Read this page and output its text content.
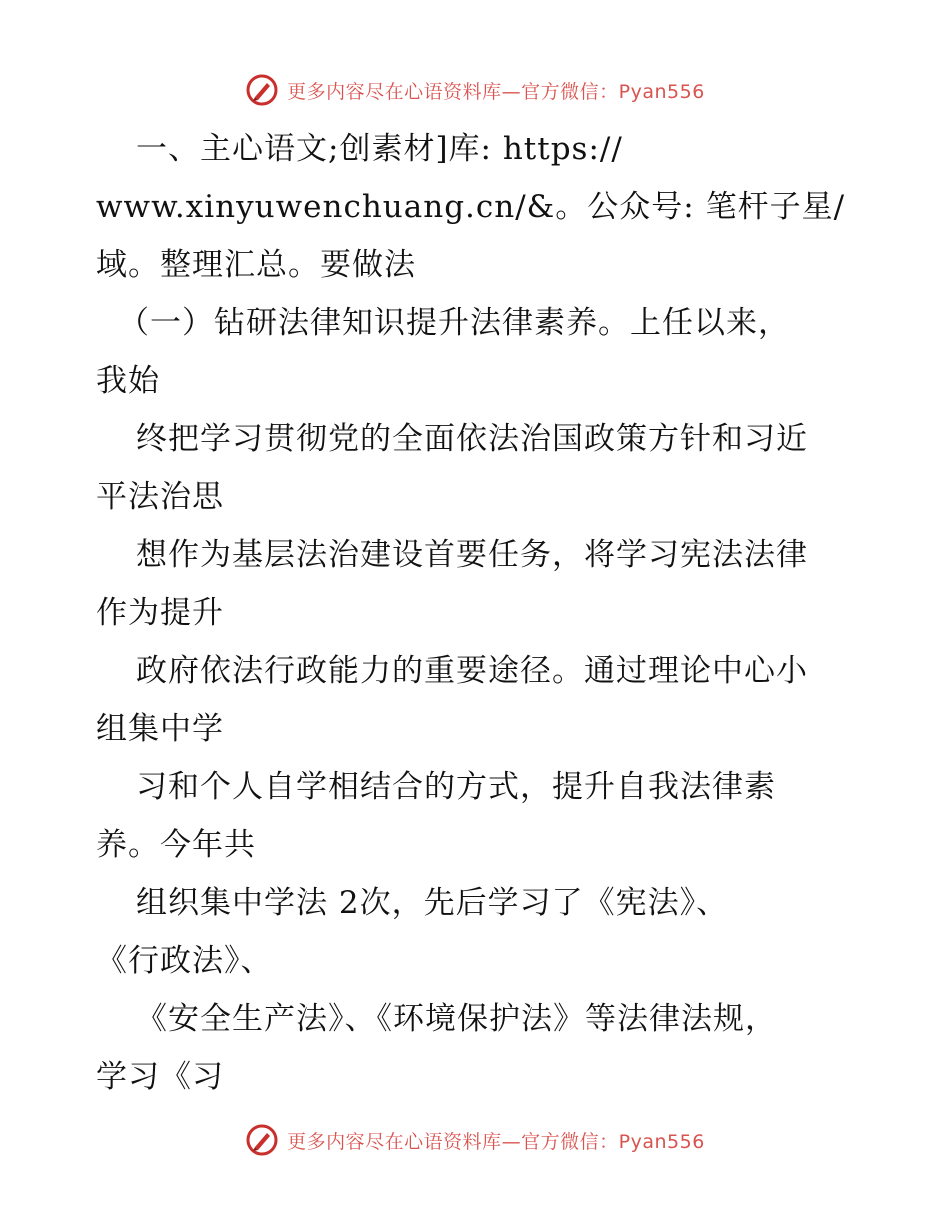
更多内容尽在心语资料库—官方微信：Pyan556
一、主心语文;创素材]库: https://
www.xinyuwenchuang.cn/&。公众号: 笔杆子星/
域。整理汇总。要做法
（一）钻研法律知识提升法律素养。上任以来，
我始
终把学习贯彻党的全面依法治国政策方针和习近
平法治思
想作为基层法治建设首要任务，将学习宪法法律
作为提升
政府依法行政能力的重要途径。通过理论中心小
组集中学
习和个人自学相结合的方式，提升自我法律素
养。今年共
组织集中学法 2次，先后学习了《宪法》、
《行政法》、
《安全生产法》、《环境保护法》等法律法规，
学习《习
更多内容尽在心语资料库—官方微信：Pyan556
